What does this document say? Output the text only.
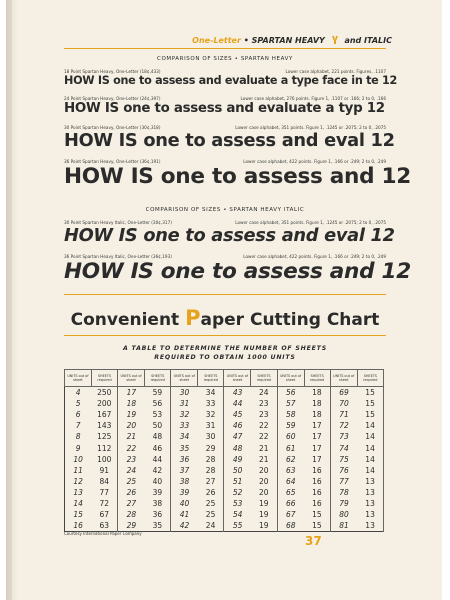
One-Letter • SPARTAN HEAVY and ITALIC
COMPARISON OF SIZES • SPARTAN HEAVY
18 Point Spartan Heavy, One-Letter (18¢,433)	Lower case alphabet, 221 points. Figures, .1107
HOW IS one to assess and evaluate a type face in te 12
24 Point Spartan Heavy, One-Letter (24¢,397)	Lower case alphabet, 276 points. Figure 1, .1107 or .166; 2 to 0, .166
HOW IS one to assess and evaluate a typ 12
30 Point Spartan Heavy, One-Letter (30¢,318)	Lower case alphabet, 351 points. Figure 1, .1245 or .2075; 2 to 0, .2075
HOW IS one to assess and eval 12
36 Point Spartan Heavy, One-Letter (36¢,191)	Lower case alphabet, 422 points. Figure 1, .166 or .249; 2 to 0, .249
HOW IS one to assess and 12
COMPARISON OF SIZES • SPARTAN HEAVY ITALIC
30 Point Spartan Heavy Italic, One-Letter (30¢,317)	Lower case alphabet, 351 points. Figure 1, .1245 or .2075; 2 to 0, .2075
HOW IS one to assess and eval 12
36 Point Spartan Heavy Italic, One-Letter (36¢,193)	Lower case alphabet, 422 points. Figure 1, .166 or .249; 2 to 0, .249
HOW IS one to assess and 12
Convenient Paper Cutting Chart
A TABLE TO DETERMINE THE NUMBER OF SHEETS
REQUIRED TO OBTAIN 1000 UNITS
UNITS out of sheet	SHEETS required	UNITS out of sheet	SHEETS required	UNITS out of sheet	SHEETS required	UNITS out of sheet	SHEETS required	UNITS out of sheet	SHEETS required	UNITS out of sheet	SHEETS required
4	250	17	59	30	34	43	24	56	18	69	15
5	200	18	56	31	33	44	23	57	18	70	15
6	167	19	53	32	32	45	23	58	18	71	15
7	143	20	50	33	31	46	22	59	17	72	14
8	125	21	48	34	30	47	22	60	17	73	14
9	112	22	46	35	29	48	21	61	17	74	14
10	100	23	44	36	28	49	21	62	17	75	14
11	91	24	42	37	28	50	20	63	16	76	14
12	84	25	40	38	27	51	20	64	16	77	13
13	77	26	39	39	26	52	20	65	16	78	13
14	72	27	38	40	25	53	19	66	16	79	13
15	67	28	36	41	25	54	19	67	15	80	13
16	63	29	35	42	24	55	19	68	15	81	13
Courtesy International Paper Company
37
